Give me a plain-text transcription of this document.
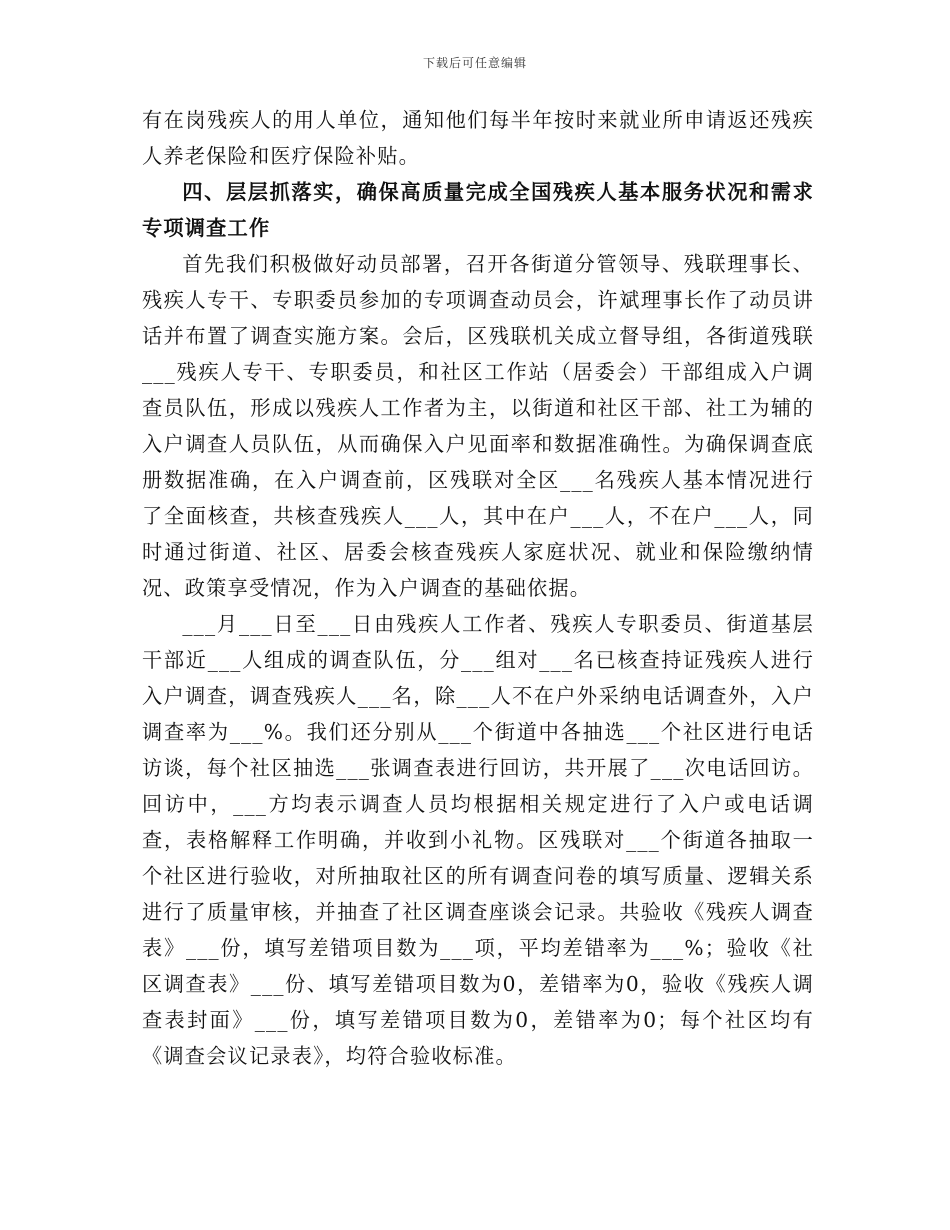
下载后可任意编辑

有在岗残疾人的用人单位，通知他们每半年按时来就业所申请返还残疾人养老保险和医疗保险补贴。

四、层层抓落实，确保高质量完成全国残疾人基本服务状况和需求专项调查工作

首先我们积极做好动员部署，召开各街道分管领导、残联理事长、残疾人专干、专职委员参加的专项调查动员会，许斌理事长作了动员讲话并布置了调查实施方案。会后，区残联机关成立督导组，各街道残联___残疾人专干、专职委员，和社区工作站（居委会）干部组成入户调查员队伍，形成以残疾人工作者为主，以街道和社区干部、社工为辅的入户调查人员队伍，从而确保入户见面率和数据准确性。为确保调查底册数据准确，在入户调查前，区残联对全区___名残疾人基本情况进行了全面核查，共核查残疾人___人，其中在户___人，不在户___人，同时通过街道、社区、居委会核查残疾人家庭状况、就业和保险缴纳情况、政策享受情况，作为入户调查的基础依据。

___月___日至___日由残疾人工作者、残疾人专职委员、街道基层干部近___人组成的调查队伍，分___组对___名已核查持证残疾人进行入户调查，调查残疾人___名，除___人不在户外采纳电话调查外，入户调查率为___%。我们还分别从___个街道中各抽选___个社区进行电话访谈，每个社区抽选___张调查表进行回访，共开展了___次电话回访。回访中，___方均表示调查人员均根据相关规定进行了入户或电话调查，表格解释工作明确，并收到小礼物。区残联对___个街道各抽取一个社区进行验收，对所抽取社区的所有调查问卷的填写质量、逻辑关系进行了质量审核，并抽查了社区调查座谈会记录。共验收《残疾人调查表》___份，填写差错项目数为___项，平均差错率为___%；验收《社区调查表》___份、填写差错项目数为0，差错率为0，验收《残疾人调查表封面》___份，填写差错项目数为0，差错率为0；每个社区均有《调查会议记录表》，均符合验收标准。
